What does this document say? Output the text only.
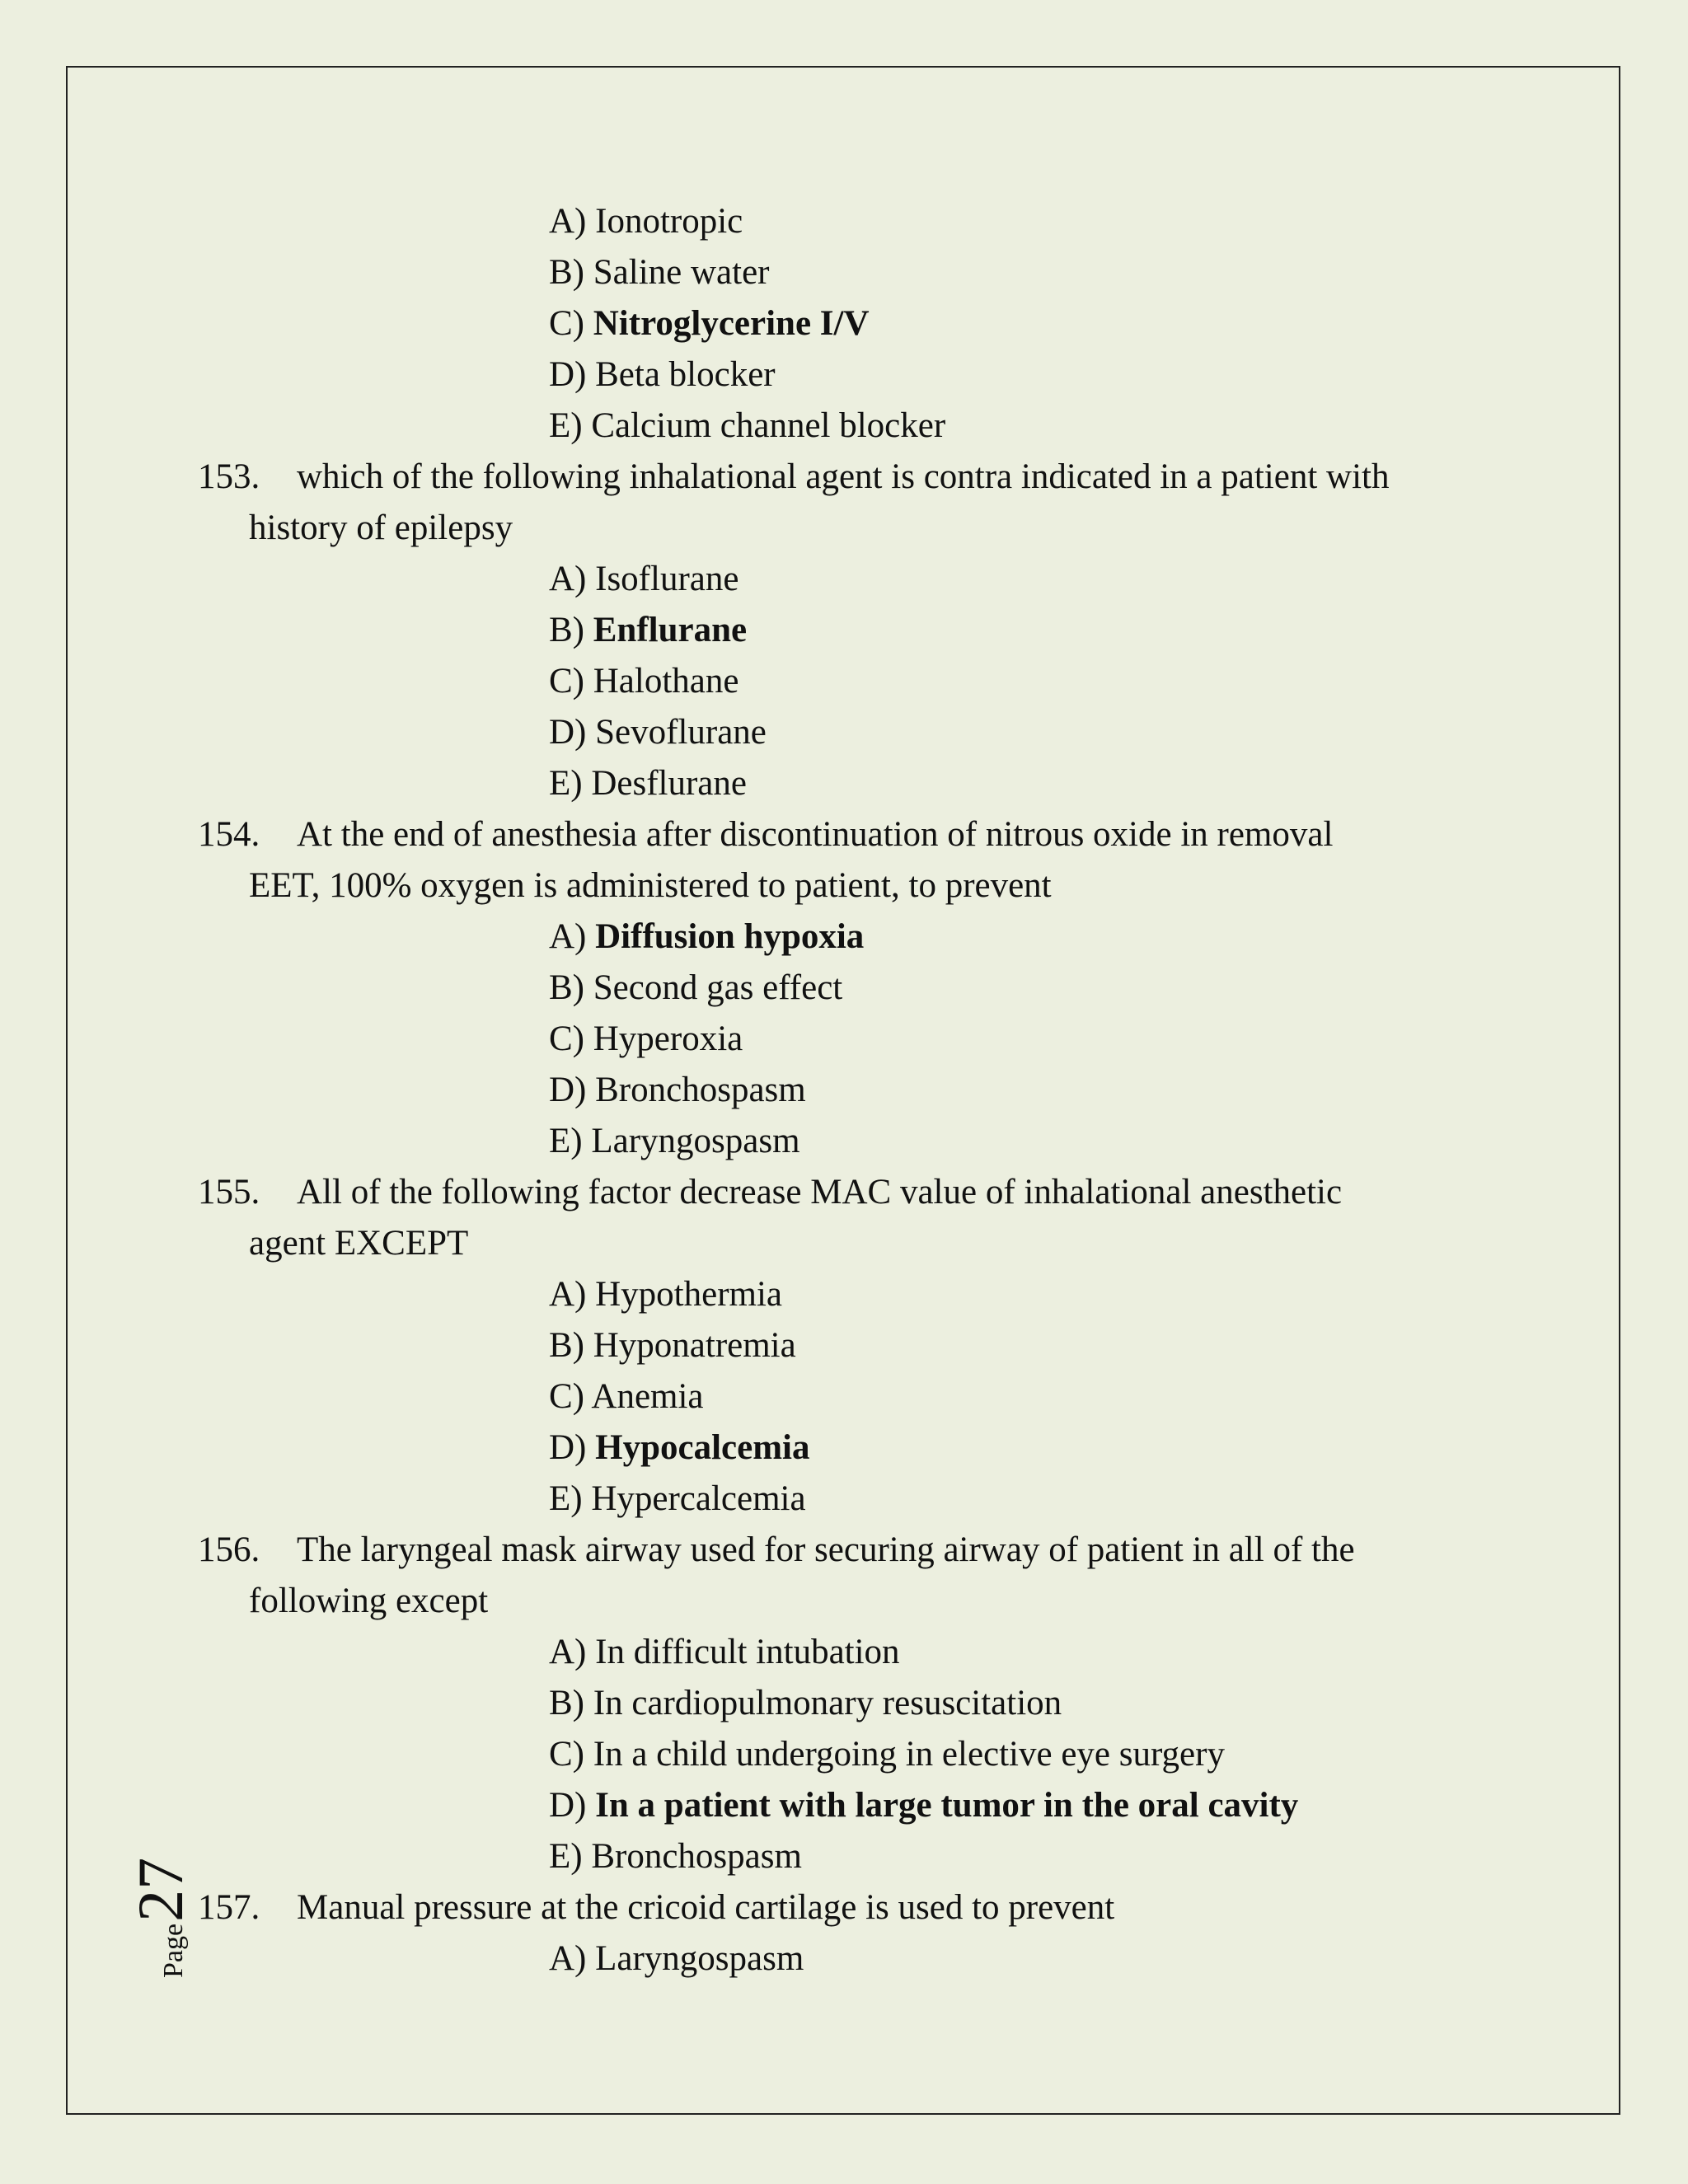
A) Ionotropic
B) Saline water
C) Nitroglycerine I/V
D) Beta blocker
E) Calcium channel blocker
153. which of the following inhalational agent is contra indicated in a patient with
history of epilepsy
A) Isoflurane
B) Enflurane
C) Halothane
D) Sevoflurane
E) Desflurane
154. At the end of anesthesia after discontinuation of nitrous oxide in removal
EET, 100% oxygen is administered to patient, to prevent
A) Diffusion hypoxia
B) Second gas effect
C) Hyperoxia
D) Bronchospasm
E) Laryngospasm
155. All of the following factor decrease MAC value of inhalational anesthetic
agent EXCEPT
A) Hypothermia
B) Hyponatremia
C) Anemia
D) Hypocalcemia
E) Hypercalcemia
156. The laryngeal mask airway used for securing airway of patient in all of the
following except
A) In difficult intubation
B) In cardiopulmonary resuscitation
C) In a child undergoing in elective eye surgery
D) In a patient with large tumor in the oral cavity
E) Bronchospasm
157. Manual pressure at the cricoid cartilage is used to prevent
A) Laryngospasm
Page27
